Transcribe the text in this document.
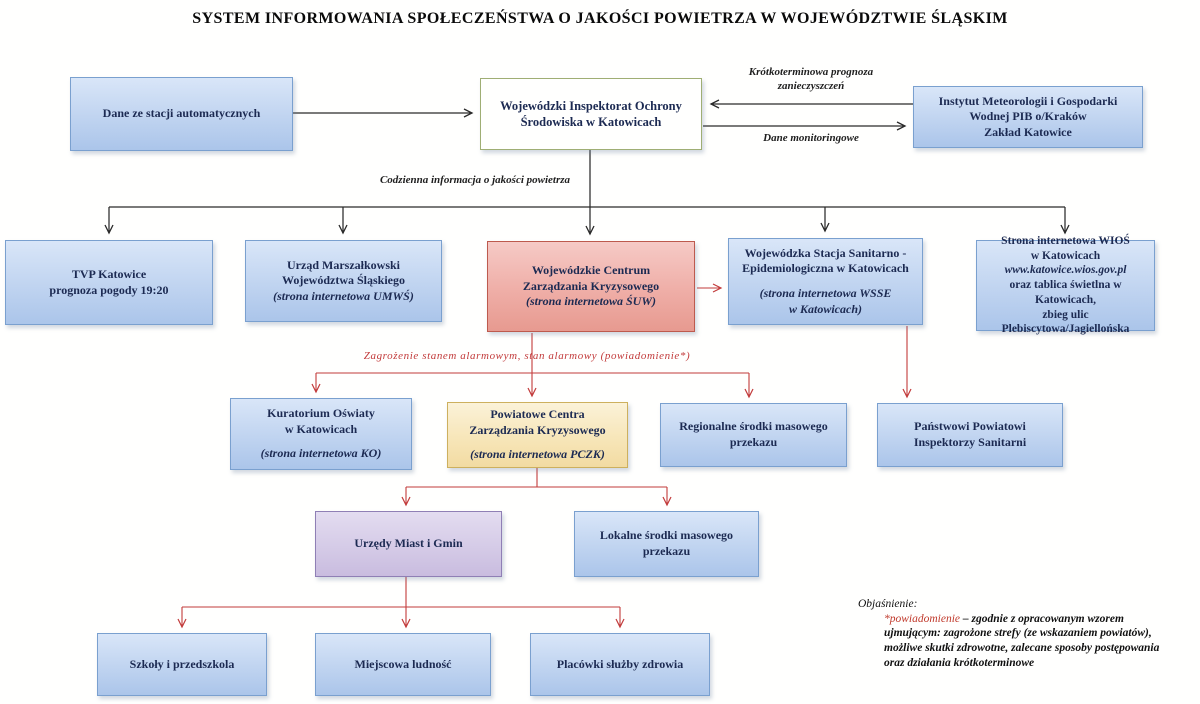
SYSTEM INFORMOWANIA SPOŁECZEŃSTWA O JAKOŚCI POWIETRZA W WOJEWÓDZTWIE ŚLĄSKIM
Krótkoterminowa prognoza
zanieczyszczeń
Dane monitoringowe
Codzienna informacja o jakości powietrza
Zagrożenie stanem alarmowym, stan alarmowy (powiadomienie*)
Dane ze stacji automatycznych
Wojewódzki Inspektorat Ochrony
Środowiska w Katowicach
Instytut Meteorologii i Gospodarki
Wodnej PIB o/Kraków
Zakład Katowice
TVP Katowice
prognoza pogody 19:20
Urząd Marszałkowski
Województwa Śląskiego
(strona internetowa UMWŚ)
Wojewódzkie Centrum
Zarządzania Kryzysowego
(strona internetowa ŚUW)
Wojewódzka Stacja Sanitarno -
Epidemiologiczna w Katowicach
(strona internetowa WSSE
w Katowicach)
Strona internetowa WIOŚ
w Katowicach
www.katowice.wios.gov.pl
oraz tablica świetlna w Katowicach,
zbieg ulic Plebiscytowa/Jagiellońska
Kuratorium Oświaty
w Katowicach
(strona internetowa KO)
Powiatowe Centra
Zarządzania Kryzysowego
(strona internetowa PCZK)
Regionalne środki masowego
przekazu
Państwowi Powiatowi
Inspektorzy Sanitarni
Urzędy Miast i Gmin
Lokalne środki masowego
przekazu
Szkoły i przedszkola	Miejscowa ludność	Placówki służby zdrowia
Objaśnienie:
*powiadomienie – zgodnie z opracowanym wzorem
ujmującym: zagrożone strefy (ze wskazaniem powiatów),
możliwe skutki zdrowotne, zalecane sposoby postępowania
oraz działania krótkoterminowe
